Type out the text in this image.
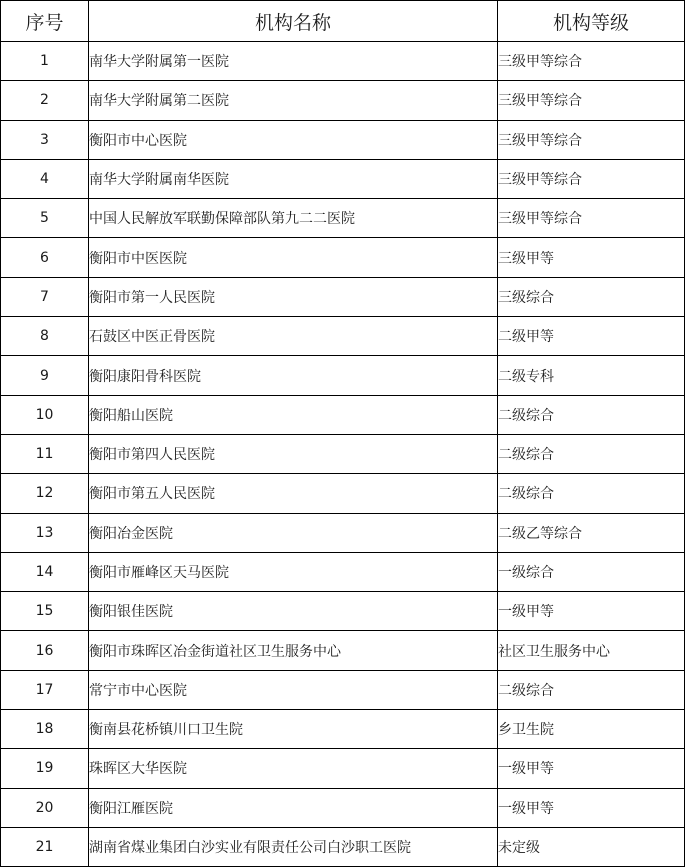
序号	机构名称	机构等级
1	南华大学附属第一医院	三级甲等综合
2	南华大学附属第二医院	三级甲等综合
3	衡阳市中心医院	三级甲等综合
4	南华大学附属南华医院	三级甲等综合
5	中国人民解放军联勤保障部队第九二二医院	三级甲等综合
6	衡阳市中医医院	三级甲等
7	衡阳市第一人民医院	三级综合
8	石鼓区中医正骨医院	二级甲等
9	衡阳康阳骨科医院	二级专科
10	衡阳船山医院	二级综合
11	衡阳市第四人民医院	二级综合
12	衡阳市第五人民医院	二级综合
13	衡阳冶金医院	二级乙等综合
14	衡阳市雁峰区天马医院	一级综合
15	衡阳银佳医院	一级甲等
16	衡阳市珠晖区冶金街道社区卫生服务中心	社区卫生服务中心
17	常宁市中心医院	二级综合
18	衡南县花桥镇川口卫生院	乡卫生院
19	珠晖区大华医院	一级甲等
20	衡阳江雁医院	一级甲等
21	湖南省煤业集团白沙实业有限责任公司白沙职工医院	未定级
